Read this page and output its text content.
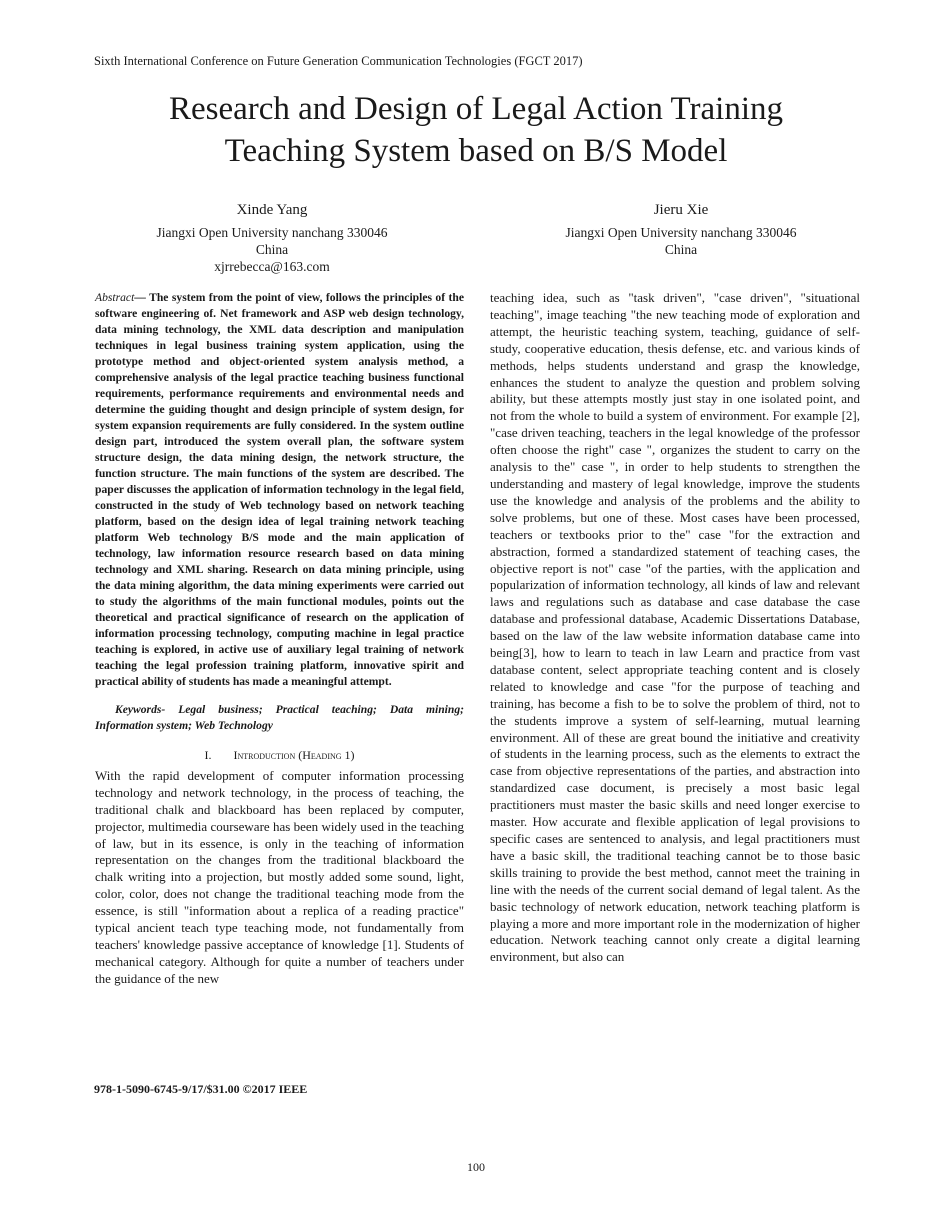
Sixth International Conference on Future Generation Communication Technologies (FGCT 2017)
Research and Design of Legal Action Training
Teaching System based on B/S Model
Xinde Yang
Jiangxi Open University nanchang 330046
China
xjrrebecca@163.com
Jieru Xie
Jiangxi Open University nanchang 330046
China

Abstract— The system from the point of view, follows the principles of the software engineering of. Net framework and ASP web design technology, data mining technology, the XML data description and manipulation techniques in legal business training system application, using the prototype method and object-oriented system analysis method, a comprehensive analysis of the legal practice teaching business functional requirements, performance requirements and environmental needs and determine the guiding thought and design principle of system design, for system expansion requirements are fully considered. In the system outline design part, introduced the system overall plan, the software system structure design, the data mining design, the network structure, the function structure. The main functions of the system are described. The paper discusses the application of information technology in the legal field, constructed in the study of Web technology based on network teaching platform, based on the design idea of legal training network teaching platform Web technology B/S mode and the main application of technology, law information resource research based on data mining technology and XML sharing. Research on data mining principle, using the data mining algorithm, the data mining experiments were carried out to study the algorithms of the main functional modules, points out the theoretical and practical significance of research on the application of information processing technology, computing machine in legal practice teaching is explored, in active use of auxiliary legal training of network teaching the legal profession training platform, innovative spirit and practical ability of students has made a meaningful attempt.

Keywords- Legal business; Practical teaching; Data mining; Information system; Web Technology

I. Introduction (Heading 1)

With the rapid development of computer information processing technology and network technology, in the process of teaching, the traditional chalk and blackboard has been replaced by computer, projector, multimedia courseware has been widely used in the teaching of law, but in its essence, is only in the teaching of information representation on the changes from the traditional blackboard the chalk writing into a projection, but mostly added some sound, light, color, color, does not change the traditional teaching mode from the essence, is still "information about a replica of a reading practice" typical ancient teach type teaching mode, not fundamentally from teachers' knowledge passive acceptance of knowledge [1]. Students of mechanical category. Although for quite a number of teachers under the guidance of the new

teaching idea, such as "task driven", "case driven", "situational teaching", image teaching "the new teaching mode of exploration and attempt, the heuristic teaching system, teaching, guidance of self-study, cooperative education, thesis defense, etc. and various kinds of methods, helps students understand and grasp the knowledge, enhances the student to analyze the question and problem solving ability, but these attempts mostly just stay in one isolated point, and not from the whole to build a system of environment. For example [2], "case driven teaching, teachers in the legal knowledge of the professor often choose the right" case ", organizes the student to carry on the analysis to the" case ", in order to help students to strengthen the understanding and mastery of legal knowledge, improve the students use the knowledge and analysis of the problems and the ability to solve problems, but one of these. Most cases have been processed, teachers or textbooks prior to the" case "for the extraction and abstraction, formed a standardized statement of teaching cases, the objective report is not" case "of the parties, with the application and popularization of information technology, all kinds of law and relevant laws and regulations such as database and case database the case database and professional database, Academic Dissertations Database, based on the law of the law website information database came into being[3], how to learn to teach in law Learn and practice from vast database content, select appropriate teaching content and is closely related to knowledge and case "for the purpose of teaching and training, has become a fish to be to solve the problem of third, not to the students improve a system of self-learning, mutual learning environment. All of these are great bound the initiative and creativity of students in the learning process, such as the elements to extract the case from objective representations of the parties, and abstraction into standardized case document, is precisely a most basic legal practitioners must master the basic skills and need longer exercise to master. How accurate and flexible application of legal provisions to specific cases are sentenced to analysis, and legal practitioners must have a basic skill, the traditional teaching cannot be to those basic skills training to provide the best method, cannot meet the training in line with the needs of the current social demand of legal talent. As the basic technology of network education, network teaching platform is playing a more and more important role in the modernization of higher education. Network teaching cannot only create a digital learning environment, but also can

978-1-5090-6745-9/17/$31.00 ©2017 IEEE
100
